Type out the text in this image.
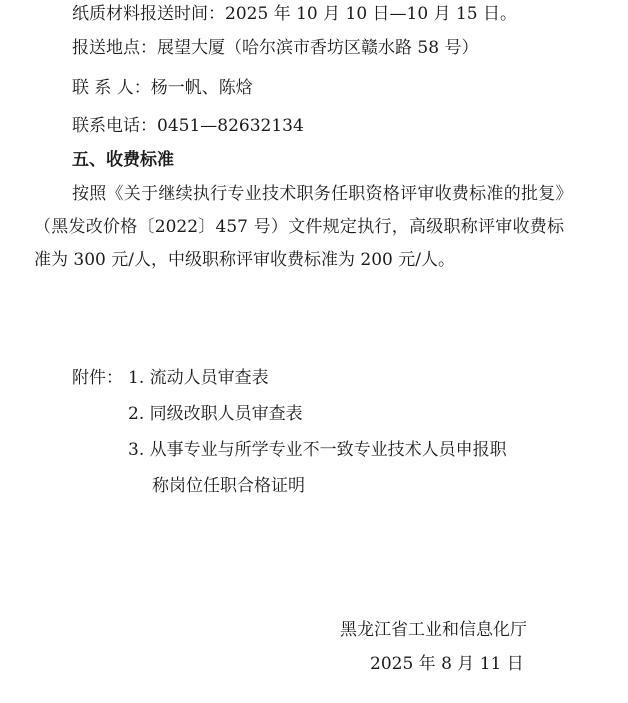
纸质材料报送时间：2025 年 10 月 10 日—10 月 15 日。
报送地点：展望大厦（哈尔滨市香坊区赣水路 58 号）
联 系 人：杨一帆、陈焓
联系电话：0451—82632134
五、收费标准
按照《关于继续执行专业技术职务任职资格评审收费标准的批复》（黑发改价格〔2022〕457 号）文件规定执行，高级职称评审收费标准为 300 元/人，中级职称评审收费标准为 200 元/人。
附件： 1. 流动人员审查表
2. 同级改职人员审查表
3. 从事专业与所学专业不一致专业技术人员申报职
称岗位任职合格证明
黑龙江省工业和信息化厅
2025 年 8 月 11 日
